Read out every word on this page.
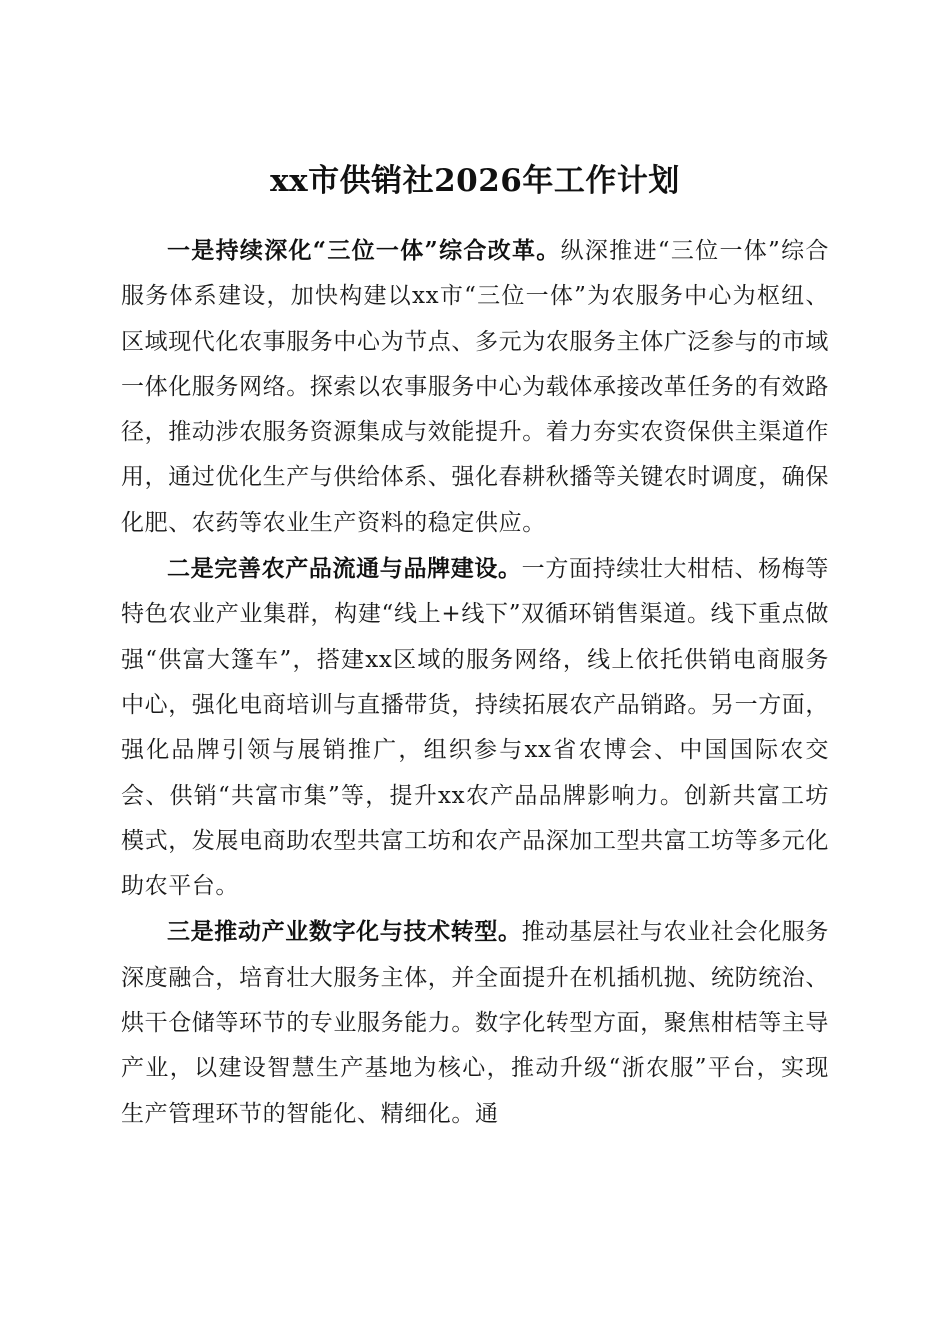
xx市供销社2026年工作计划

一是持续深化“三位一体”综合改革。纵深推进“三位一体”综合服务体系建设，加快构建以xx市“三位一体”为农服务中心为枢纽、区域现代化农事服务中心为节点、多元为农服务主体广泛参与的市域一体化服务网络。探索以农事服务中心为载体承接改革任务的有效路径，推动涉农服务资源集成与效能提升。着力夯实农资保供主渠道作用，通过优化生产与供给体系、强化春耕秋播等关键农时调度，确保化肥、农药等农业生产资料的稳定供应。

二是完善农产品流通与品牌建设。一方面持续壮大柑桔、杨梅等特色农业产业集群，构建“线上+线下”双循环销售渠道。线下重点做强“供富大篷车”，搭建xx区域的服务网络，线上依托供销电商服务中心，强化电商培训与直播带货，持续拓展农产品销路。另一方面，强化品牌引领与展销推广，组织参与xx省农博会、中国国际农交会、供销“共富市集”等，提升xx农产品品牌影响力。创新共富工坊模式，发展电商助农型共富工坊和农产品深加工型共富工坊等多元化助农平台。

三是推动产业数字化与技术转型。推动基层社与农业社会化服务深度融合，培育壮大服务主体，并全面提升在机插机抛、统防统治、烘干仓储等环节的专业服务能力。数字化转型方面，聚焦柑桔等主导产业，以建设智慧生产基地为核心，推动升级“浙农服”平台，实现生产管理环节的智能化、精细化。通
